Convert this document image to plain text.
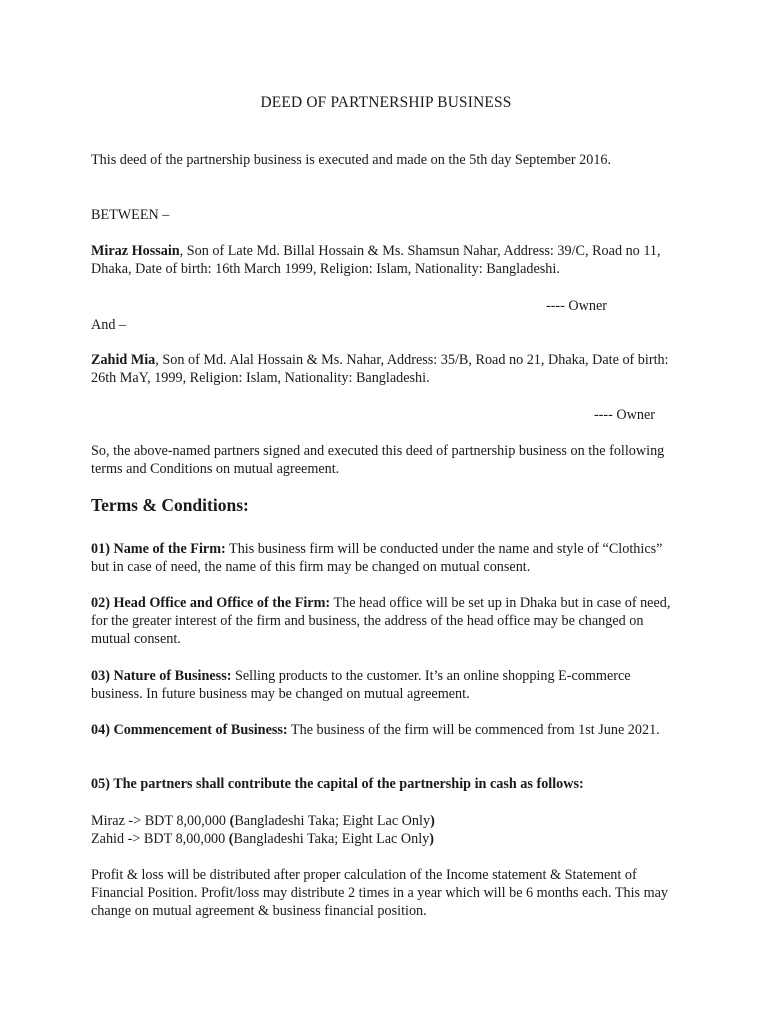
DEED OF PARTNERSHIP BUSINESS

This deed of the partnership business is executed and made on the 5th day September 2016.

BETWEEN –

Miraz Hossain, Son of Late Md. Billal Hossain & Ms. Shamsun Nahar, Address: 39/C, Road no 11, Dhaka, Date of birth: 16th March 1999, Religion: Islam, Nationality: Bangladeshi.

---- Owner

And –

Zahid Mia, Son of Md. Alal Hossain & Ms. Nahar, Address: 35/B, Road no 21, Dhaka, Date of birth: 26th MaY, 1999, Religion: Islam, Nationality: Bangladeshi.

---- Owner

So, the above-named partners signed and executed this deed of partnership business on the following terms and Conditions on mutual agreement.

Terms & Conditions:

01) Name of the Firm: This business firm will be conducted under the name and style of “Clothics” but in case of need, the name of this firm may be changed on mutual consent.

02) Head Office and Office of the Firm: The head office will be set up in Dhaka but in case of need, for the greater interest of the firm and business, the address of the head office may be changed on mutual consent.

03) Nature of Business: Selling products to the customer. It’s an online shopping E-commerce business. In future business may be changed on mutual agreement.

04) Commencement of Business: The business of the firm will be commenced from 1st June 2021.

05) The partners shall contribute the capital of the partnership in cash as follows:

Miraz -> BDT 8,00,000 (Bangladeshi Taka; Eight Lac Only)

Zahid -> BDT 8,00,000 (Bangladeshi Taka; Eight Lac Only)

Profit & loss will be distributed after proper calculation of the Income statement & Statement of Financial Position. Profit/loss may distribute 2 times in a year which will be 6 months each. This may change on mutual agreement & business financial position.
